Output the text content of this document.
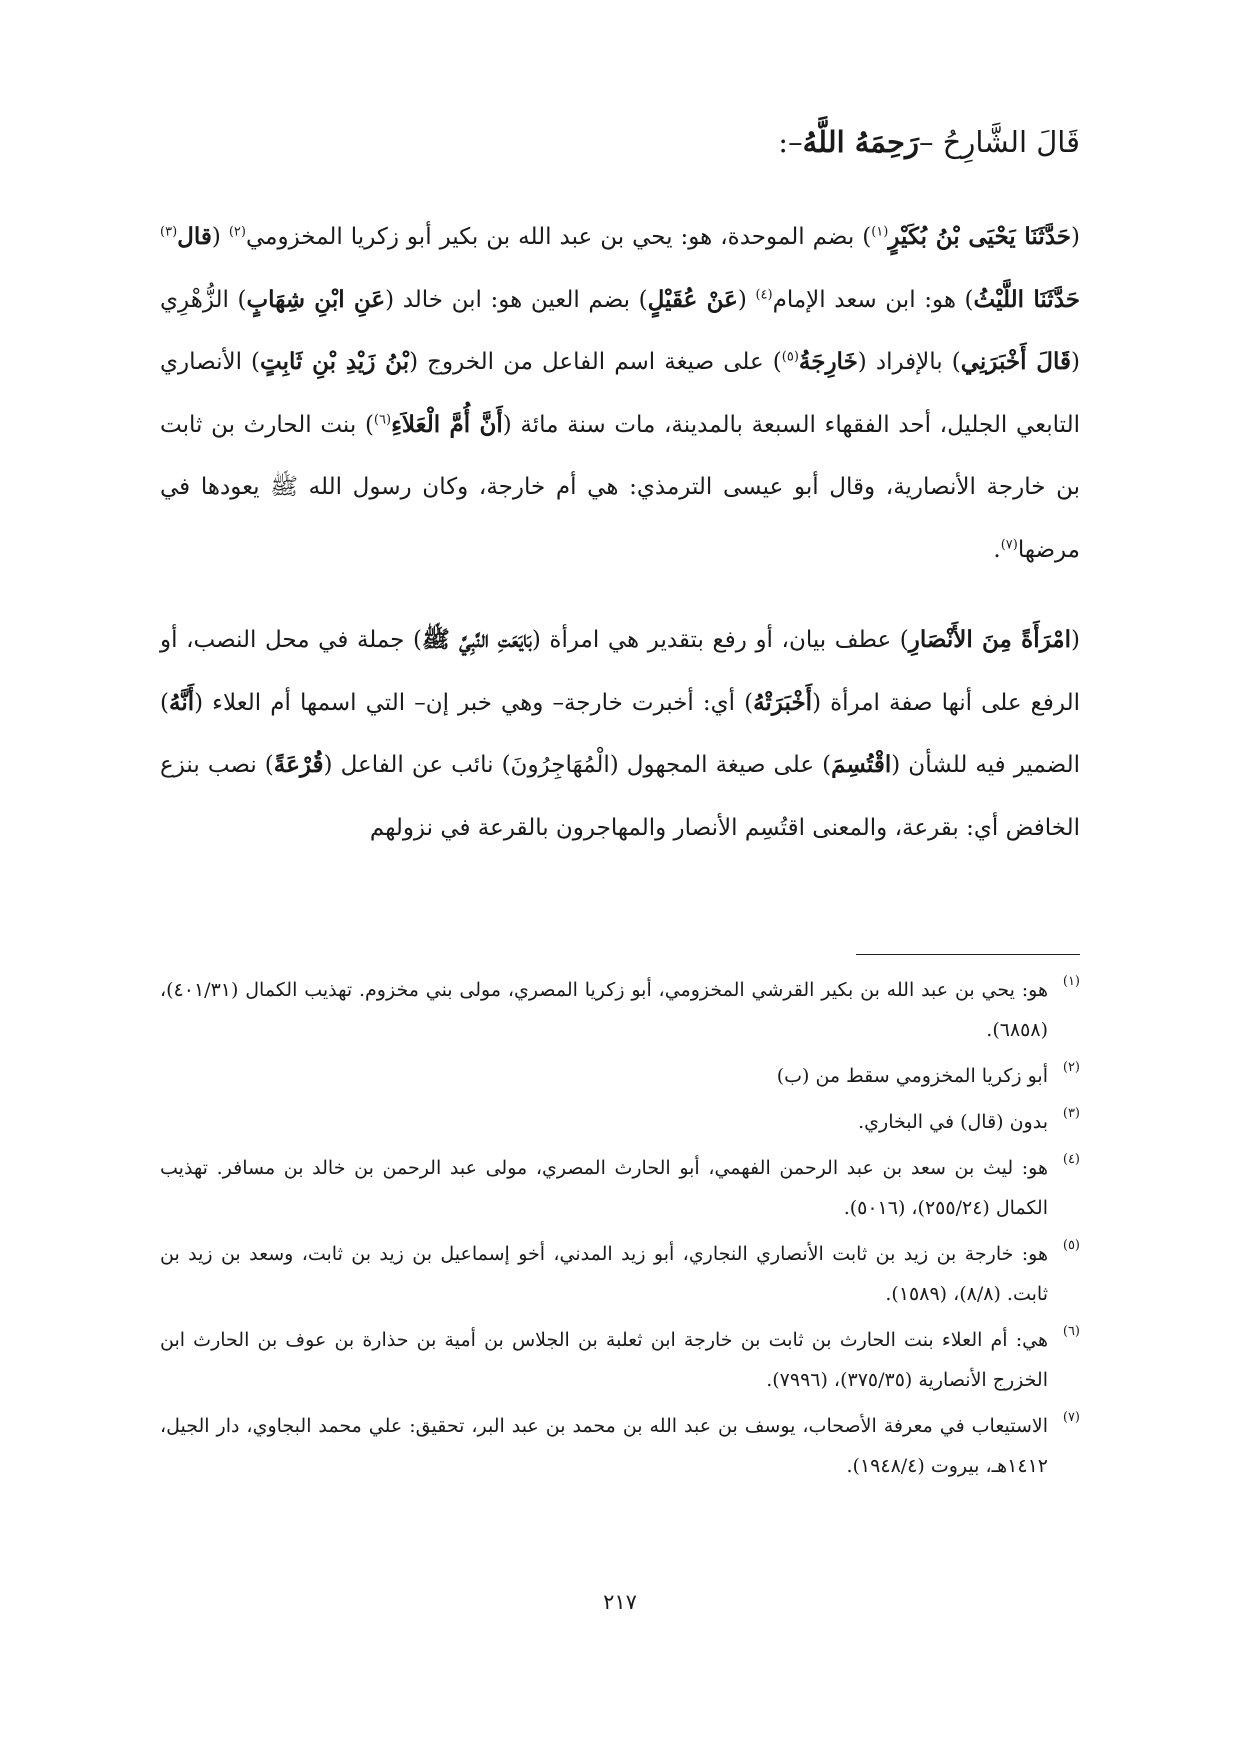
قَالَ الشَّارِحُ –رَحِمَهُ اللَّهُ–:

(حَدَّثَنَا يَحْيَى بْنُ بُكَيْرٍ$^{(١)}$) بضم الموحدة، هو: يحي بن عبد الله بن بكير أبو زكريا المخزومي$^{(٢)}$ (قال$^{(٣)}$ حَدَّثَنَا اللَّيْثُ) هو: ابن سعد الإمام$^{(٤)}$ (عَنْ عُقَيْلٍ) بضم العين هو: ابن خالد (عَنِ ابْنِ شِهَابٍ) الزُّهْرِي (قَالَ أَخْبَرَنِي) بالإفراد (خَارِجَةُ$^{(٥)}$) على صيغة اسم الفاعل من الخروج (بْنُ زَيْدِ بْنِ ثَابِتٍ) الأنصاري التابعي الجليل، أحد الفقهاء السبعة بالمدينة، مات سنة مائة (أَنَّ أُمَّ الْعَلاَءِ$^{(٦)}$) بنت الحارث بن ثابت بن خارجة الأنصارية، وقال أبو عيسى الترمذي: هي أم خارجة، وكان رسول الله ﷺ يعودها في مرضها$^{(٧)}$.

(امْرَأَةً مِنَ الأَنْصَارِ) عطف بيان، أو رفع بتقدير هي امرأة (بَايَعَتِ النَّبِيَّ ﷺ) جملة في محل النصب، أو الرفع على أنها صفة امرأة (أَخْبَرَتْهُ) أي: أخبرت خارجة– وهي خبر إن– التي اسمها أم العلاء (أَنَّهُ) الضمير فيه للشأن (اقْتُسِمَ) على صيغة المجهول (الْمُهَاجِرُونَ) نائب عن الفاعل (قُرْعَةً) نصب بنزع الخافض أي: بقرعة، والمعنى اقتُسِم الأنصار والمهاجرون بالقرعة في نزولهم

(١)
هو: يحي بن عبد الله بن بكير القرشي المخزومي، أبو زكريا المصري، مولى بني مخزوم. تهذيب الكمال (٤٠١/٣١)، (٦٨٥٨).
(٢)
أبو زكريا المخزومي سقط من (ب)
(٣)
بدون (قال) في البخاري.
(٤)
هو: ليث بن سعد بن عبد الرحمن الفهمي، أبو الحارث المصري، مولى عبد الرحمن بن خالد بن مسافر. تهذيب الكمال (٢٥٥/٢٤)، (٥٠١٦).
(٥)
هو: خارجة بن زيد بن ثابت الأنصاري النجاري، أبو زيد المدني، أخو إسماعيل بن زيد بن ثابت، وسعد بن زيد بن ثابت. (٨/٨)، (١٥٨٩).
(٦)
هي: أم العلاء بنت الحارث بن ثابت بن خارجة ابن ثعلبة بن الجلاس بن أمية بن حذارة بن عوف بن الحارث ابن الخزرج الأنصارية (٣٧٥/٣٥)، (٧٩٩٦).
(٧)
الاستيعاب في معرفة الأصحاب، يوسف بن عبد الله بن محمد بن عبد البر، تحقيق: علي محمد البجاوي، دار الجيل، ١٤١٢هـ، بيروت (١٩٤٨/٤).
٢١٧
